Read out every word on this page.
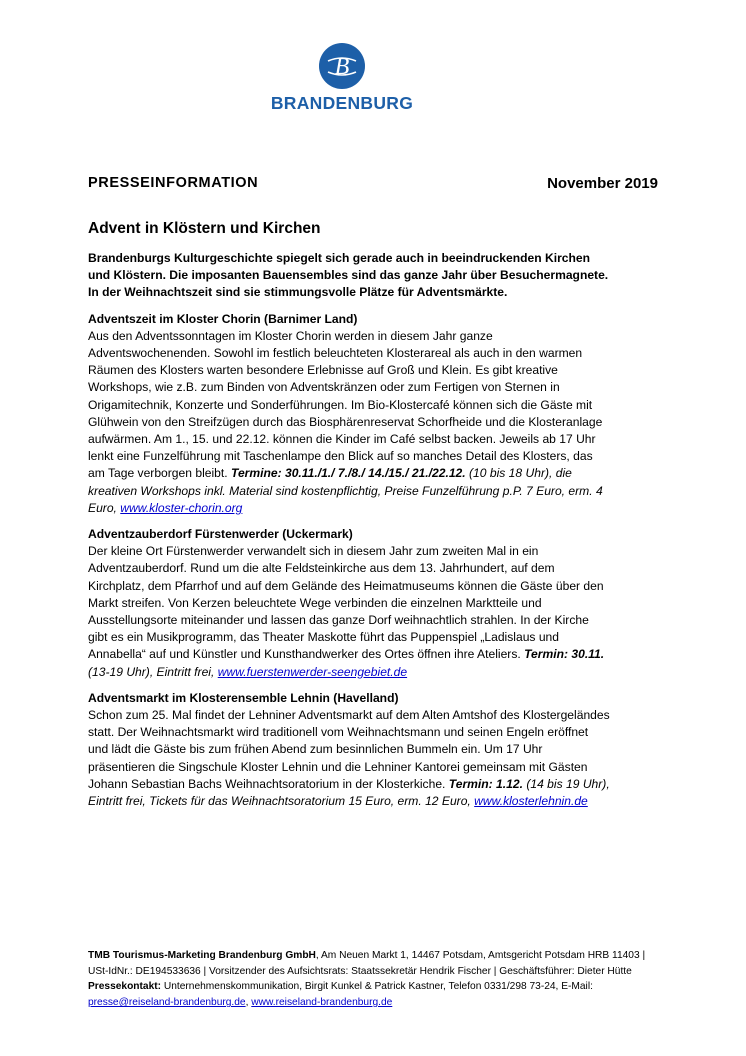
B
BRANDENBURG
PRESSEINFORMATION	November 2019
Advent in Klöstern und Kirchen

Brandenburgs Kulturgeschichte spiegelt sich gerade auch in beeindruckenden Kirchen und Klöstern. Die imposanten Bauensembles sind das ganze Jahr über Besuchermagnete. In der Weihnachtszeit sind sie stimmungsvolle Plätze für Adventsmärkte.

Adventszeit im Kloster Chorin (Barnimer Land)

Aus den Adventssonntagen im Kloster Chorin werden in diesem Jahr ganze Adventswochenenden. Sowohl im festlich beleuchteten Klosterareal als auch in den warmen Räumen des Klosters warten besondere Erlebnisse auf Groß und Klein. Es gibt kreative Workshops, wie z.B. zum Binden von Adventskränzen oder zum Fertigen von Sternen in Origamitechnik, Konzerte und Sonderführungen. Im Bio-Klostercafé können sich die Gäste mit Glühwein von den Streifzügen durch das Biosphärenreservat Schorfheide und die Klosteranlage aufwärmen. Am 1., 15. und 22.12. können die Kinder im Café selbst backen. Jeweils ab 17 Uhr lenkt eine Funzelführung mit Taschenlampe den Blick auf so manches Detail des Klosters, das am Tage verborgen bleibt. Termine: 30.11./1./ 7./8./ 14./15./ 21./22.12. (10 bis 18 Uhr), die kreativen Workshops inkl. Material sind kostenpflichtig, Preise Funzelführung p.P. 7 Euro, erm. 4 Euro, www.kloster-chorin.org

Adventzauberdorf Fürstenwerder (Uckermark)

Der kleine Ort Fürstenwerder verwandelt sich in diesem Jahr zum zweiten Mal in ein Adventzauberdorf. Rund um die alte Feldsteinkirche aus dem 13. Jahrhundert, auf dem Kirchplatz, dem Pfarrhof und auf dem Gelände des Heimatmuseums können die Gäste über den Markt streifen. Von Kerzen beleuchtete Wege verbinden die einzelnen Marktteile und Ausstellungsorte miteinander und lassen das ganze Dorf weihnachtlich strahlen. In der Kirche gibt es ein Musikprogramm, das Theater Maskotte führt das Puppenspiel „Ladislaus und Annabella“ auf und Künstler und Kunsthandwerker des Ortes öffnen ihre Ateliers. Termin: 30.11. (13-19 Uhr), Eintritt frei, www.fuerstenwerder-seengebiet.de

Adventsmarkt im Klosterensemble Lehnin (Havelland)

Schon zum 25. Mal findet der Lehniner Adventsmarkt auf dem Alten Amtshof des Klostergeländes statt. Der Weihnachtsmarkt wird traditionell vom Weihnachtsmann und seinen Engeln eröffnet und lädt die Gäste bis zum frühen Abend zum besinnlichen Bummeln ein. Um 17 Uhr präsentieren die Singschule Kloster Lehnin und die Lehniner Kantorei gemeinsam mit Gästen Johann Sebastian Bachs Weihnachtsoratorium in der Klosterkiche. Termin: 1.12. (14 bis 19 Uhr), Eintritt frei, Tickets für das Weihnachtsoratorium 15 Euro, erm. 12 Euro, www.klosterlehnin.de

TMB Tourismus-Marketing Brandenburg GmbH, Am Neuen Markt 1, 14467 Potsdam, Amtsgericht Potsdam HRB 11403 | USt-IdNr.: DE194533636 | Vorsitzender des Aufsichtsrats: Staatssekretär Hendrik Fischer | Geschäftsführer: Dieter Hütte Pressekontakt: Unternehmenskommunikation, Birgit Kunkel & Patrick Kastner, Telefon 0331/298 73-24, E-Mail: presse@reiseland-brandenburg.de, www.reiseland-brandenburg.de
